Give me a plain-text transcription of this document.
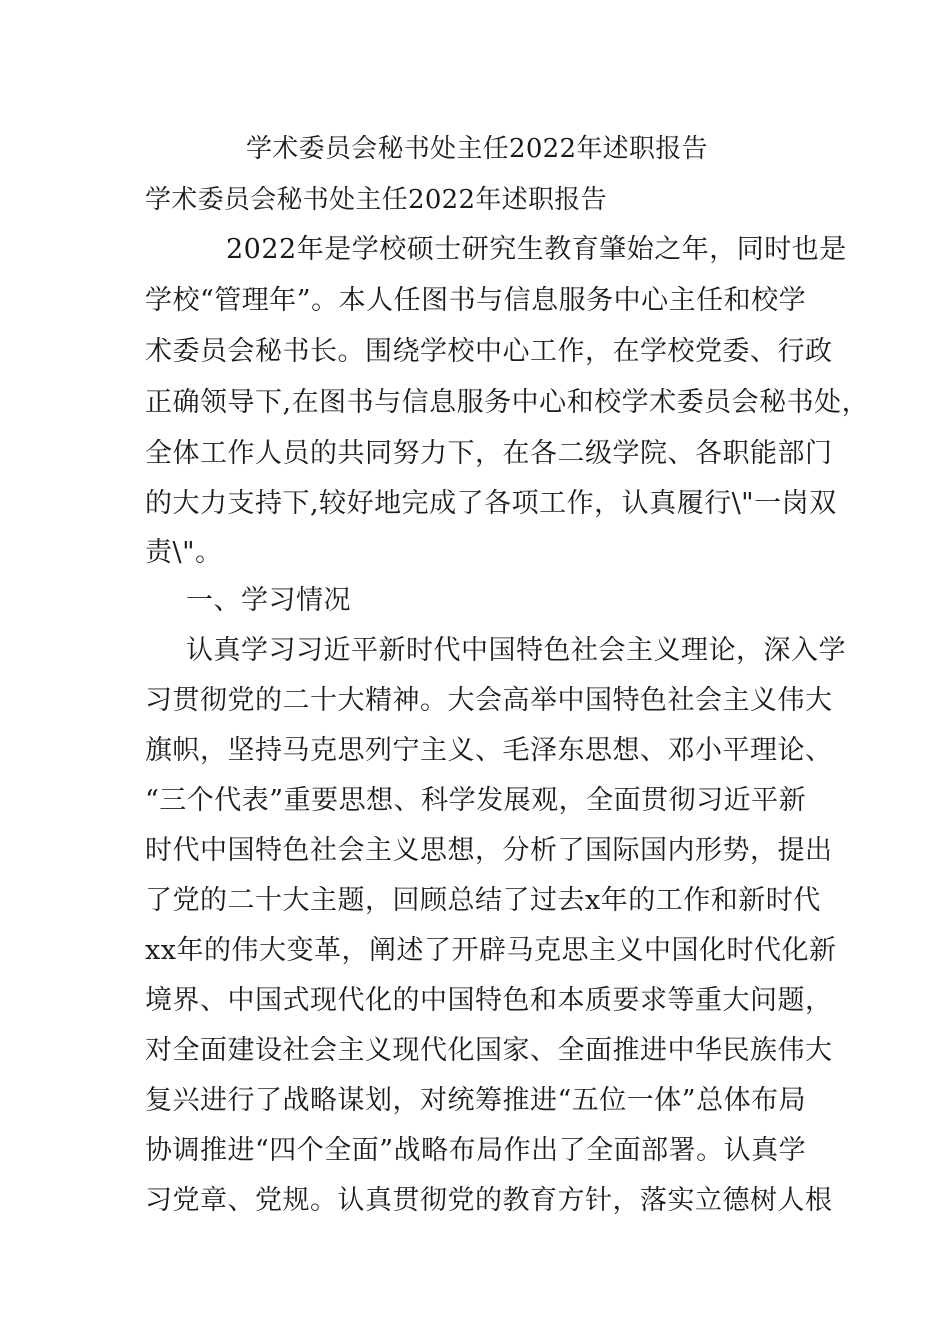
学术委员会秘书处主任2022年述职报告
学术委员会秘书处主任2022年述职报告
2022年是学校硕士研究生教育肇始之年，同时也是
学校“管理年”。本人任图书与信息服务中心主任和校学
术委员会秘书长。围绕学校中心工作，在学校党委、行政
正确领导下,在图书与信息服务中心和校学术委员会秘书处，
全体工作人员的共同努力下，在各二级学院、各职能部门
的大力支持下,较好地完成了各项工作，认真履行\"一岗双
责\"。
一、学习情况
认真学习习近平新时代中国特色社会主义理论，深入学
习贯彻党的二十大精神。大会高举中国特色社会主义伟大
旗帜，坚持马克思列宁主义、毛泽东思想、邓小平理论、
“三个代表”重要思想、科学发展观，全面贯彻习近平新
时代中国特色社会主义思想，分析了国际国内形势，提出
了党的二十大主题，回顾总结了过去x年的工作和新时代
xx年的伟大变革，阐述了开辟马克思主义中国化时代化新
境界、中国式现代化的中国特色和本质要求等重大问题，
对全面建设社会主义现代化国家、全面推进中华民族伟大
复兴进行了战略谋划，对统筹推进“五位一体”总体布局
协调推进“四个全面”战略布局作出了全面部署。认真学
习党章、党规。认真贯彻党的教育方针，落实立德树人根
